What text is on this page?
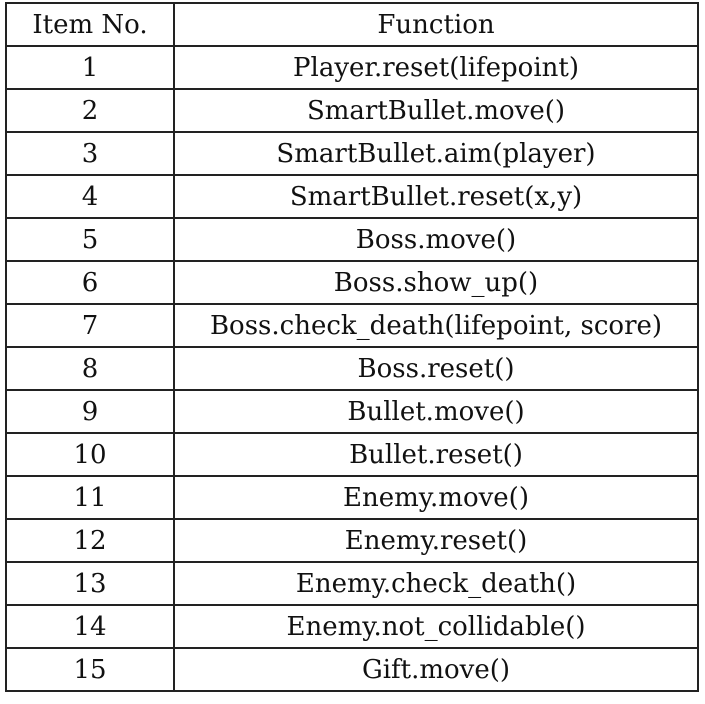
Item No.	Function
1	Player.reset(lifepoint)
2	SmartBullet.move()
3	SmartBullet.aim(player)
4	SmartBullet.reset(x,y)
5	Boss.move()
6	Boss.show_up()
7	Boss.check_death(lifepoint, score)
8	Boss.reset()
9	Bullet.move()
10	Bullet.reset()
11	Enemy.move()
12	Enemy.reset()
13	Enemy.check_death()
14	Enemy.not_collidable()
15	Gift.move()
